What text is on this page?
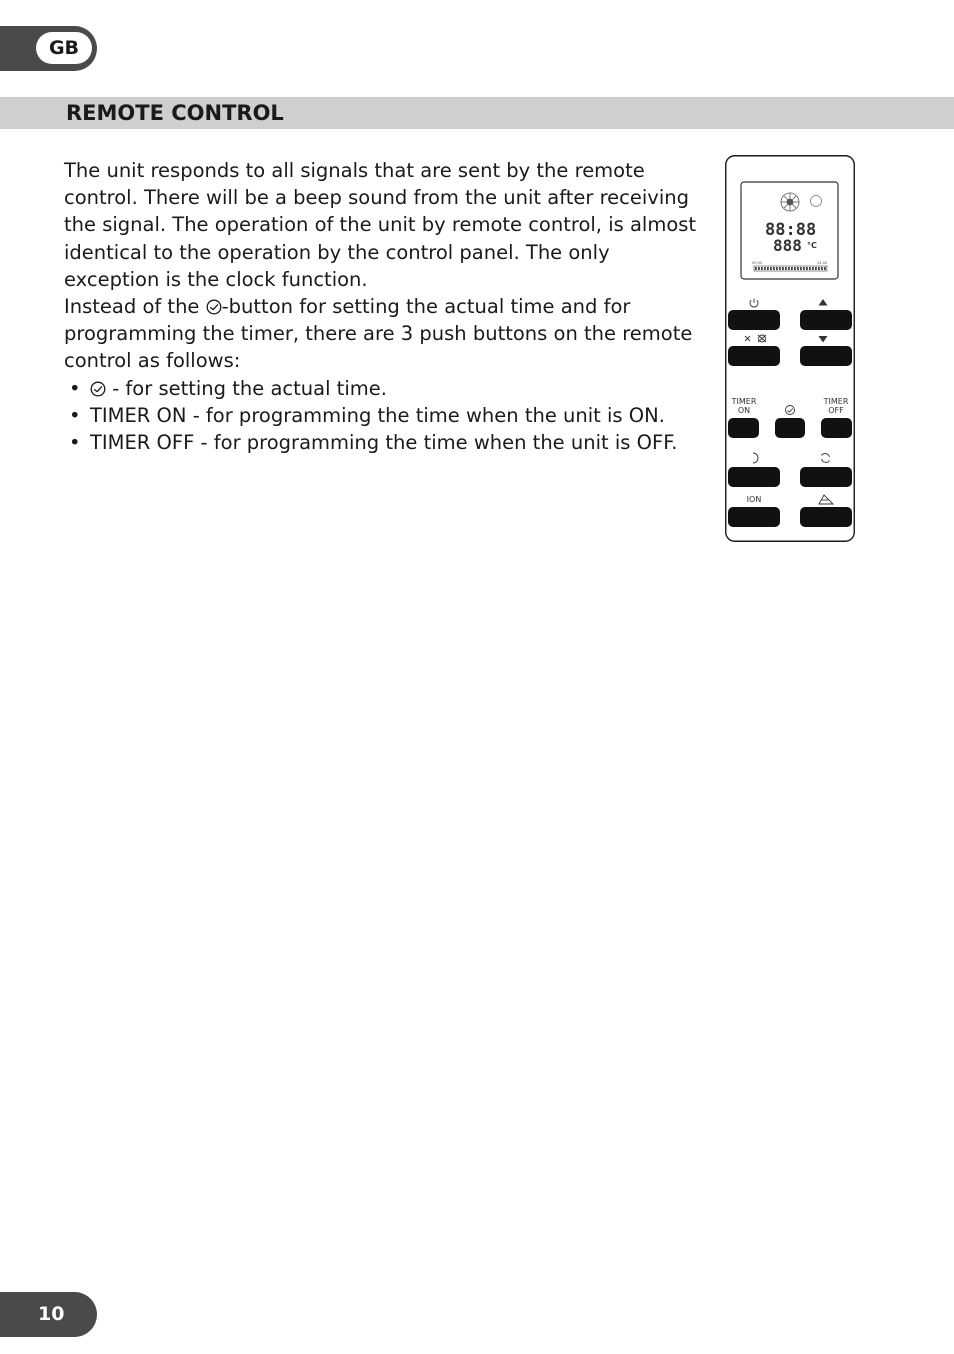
GB
REMOTE CONTROL

The unit responds to all signals that are sent by the remote control. There will be a beep sound from the unit after receiving the signal. The operation of the unit by remote control, is almost identical to the operation by the control panel. The only exception is the clock function.

Instead of the -button for setting the actual time and for programming the timer, there are 3 push buttons on the remote control as follows:

• - for setting the actual time.
• TIMER ON - for programming the time when the unit is ON.
• TIMER OFF - for programming the time when the unit is OFF.
88:88
888 °C
00:00	24:00
TIMER
ON
TIMER
OFF
ION
10
